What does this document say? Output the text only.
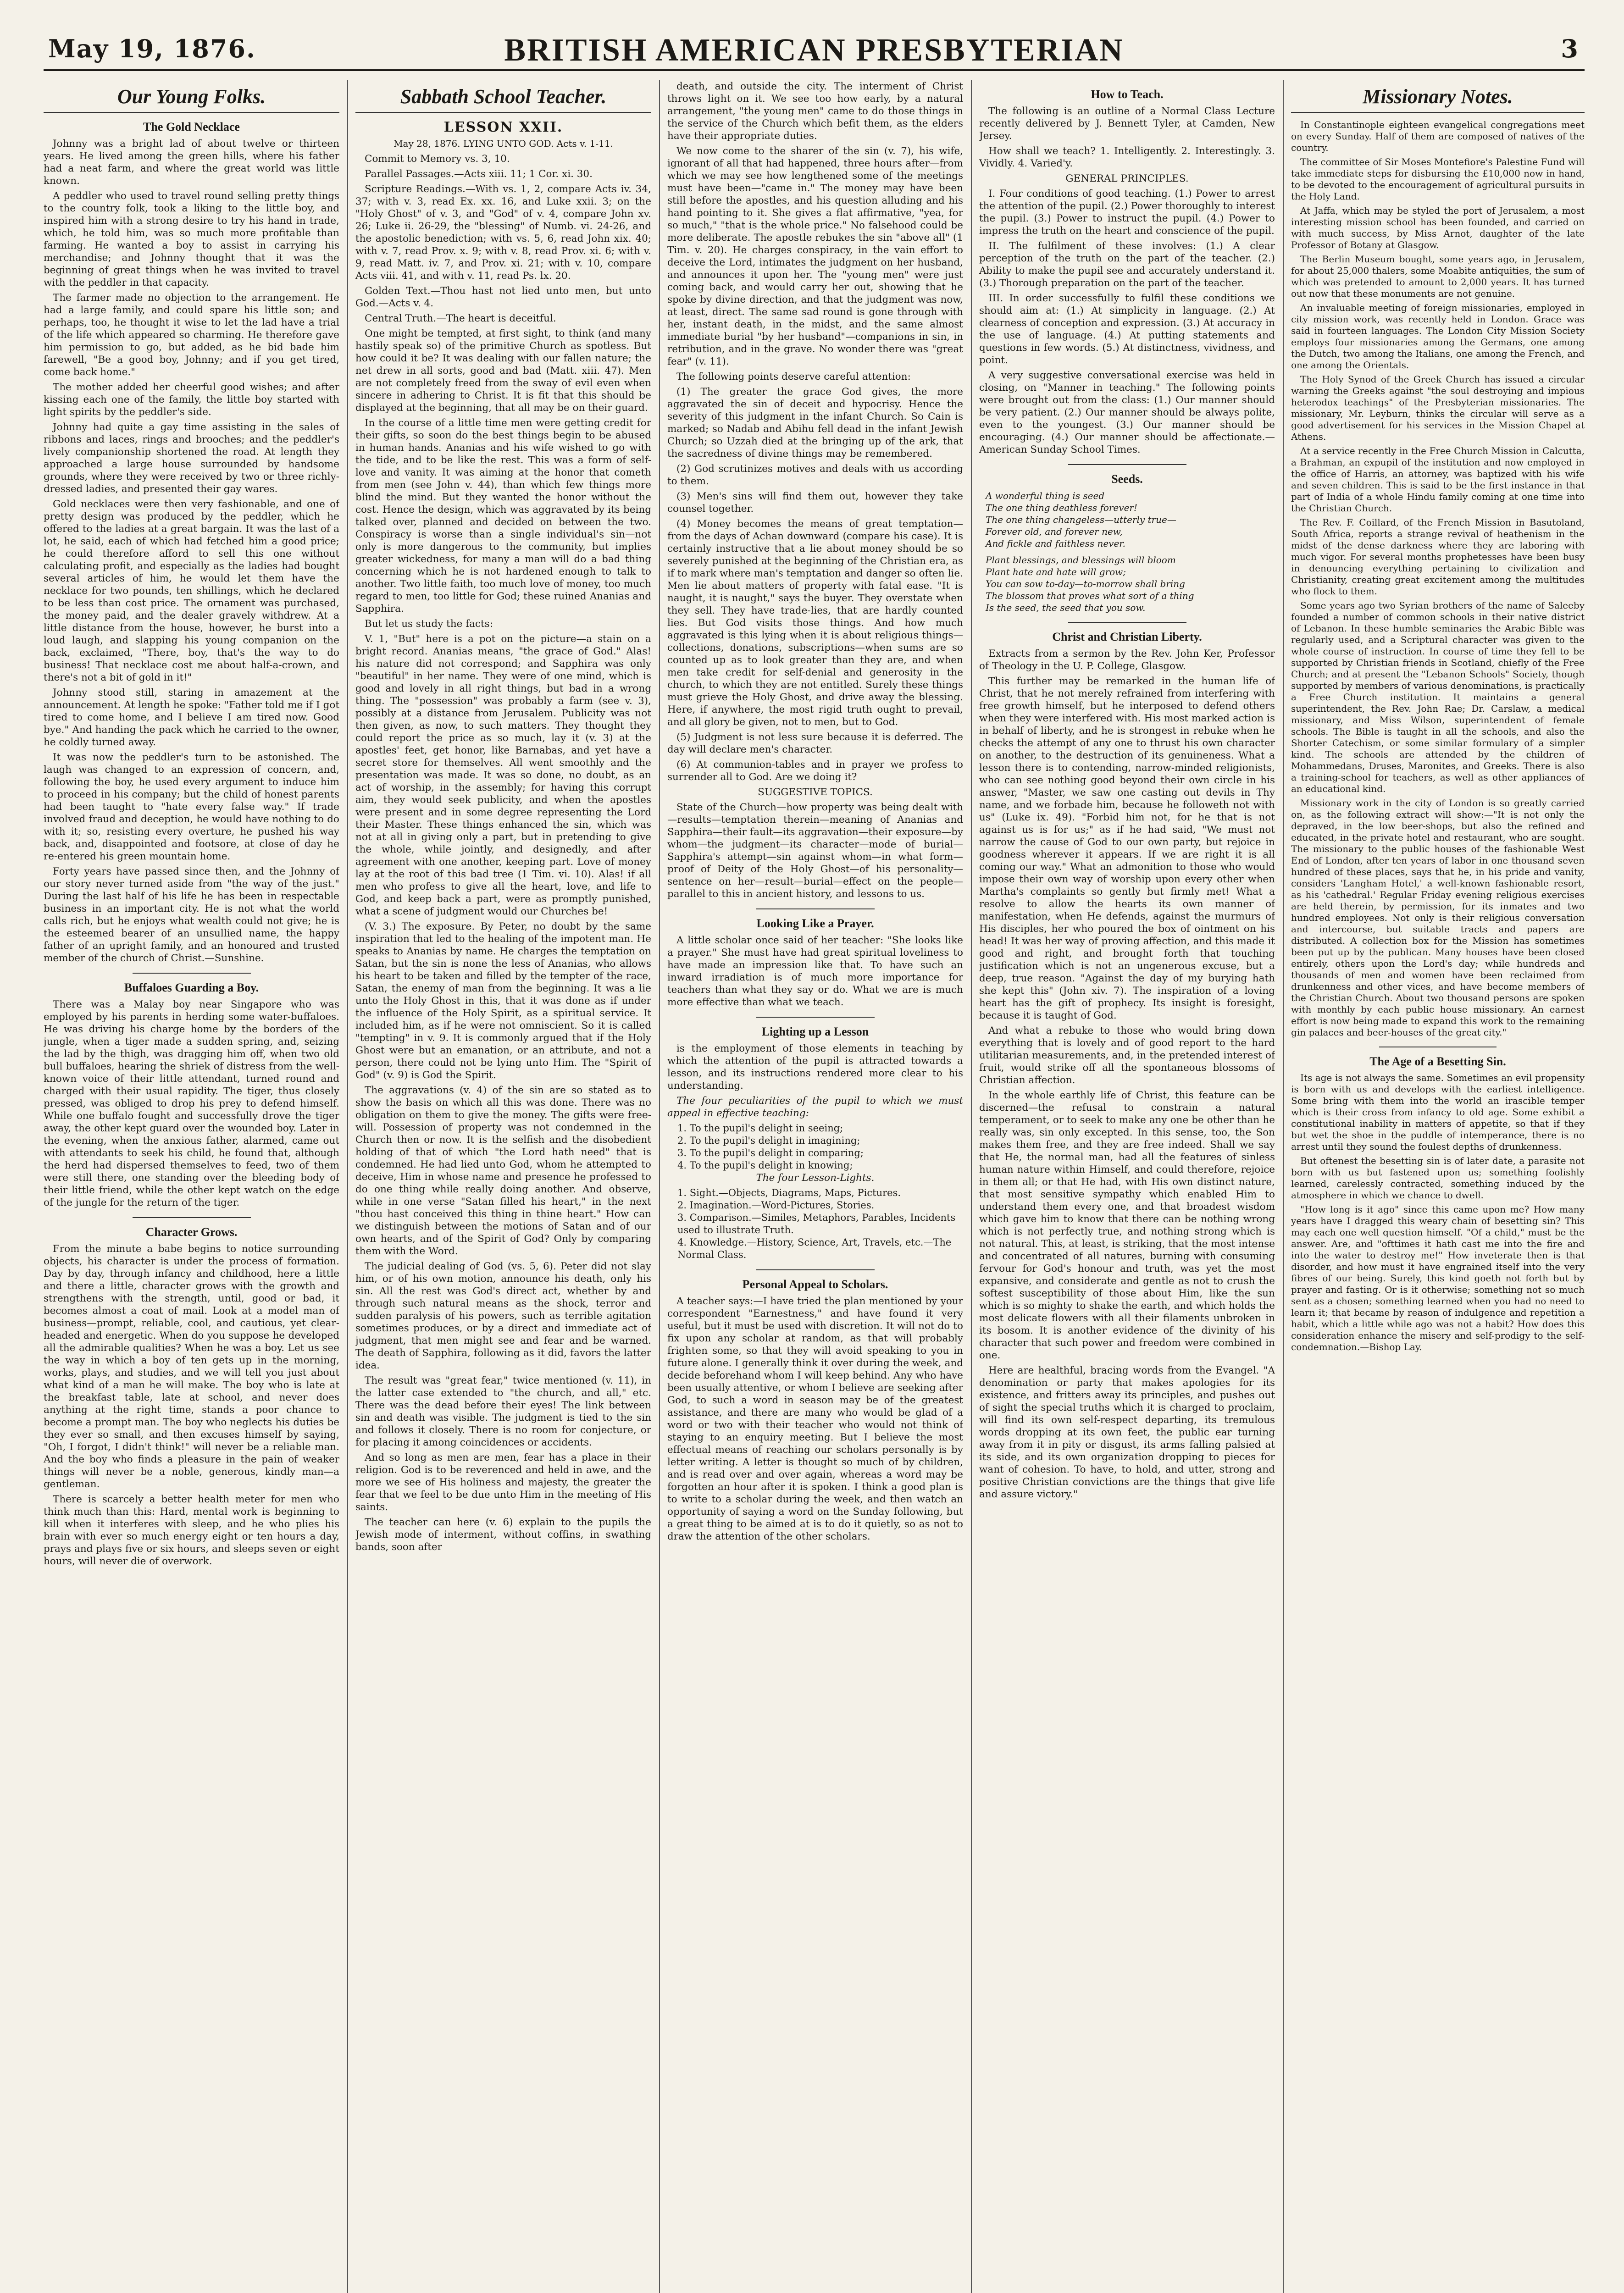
May 19, 1876.	BRITISH AMERICAN PRESBYTERIAN	3
Our Young Folks.
The Gold Necklace

Johnny was a bright lad of about twelve or thirteen years. He lived among the green hills, where his father had a neat farm, and where the great world was little known.

A peddler who used to travel round selling pretty things to the country folk, took a liking to the little boy, and inspired him with a strong desire to try his hand in trade, which, he told him, was so much more profitable than farming. He wanted a boy to assist in carrying his merchandise; and Johnny thought that it was the beginning of great things when he was invited to travel with the peddler in that capacity.

The farmer made no objection to the arrangement. He had a large family, and could spare his little son; and perhaps, too, he thought it wise to let the lad have a trial of the life which appeared so charming. He therefore gave him permission to go, but added, as he bid bade him farewell, "Be a good boy, Johnny; and if you get tired, come back home."

The mother added her cheerful good wishes; and after kissing each one of the family, the little boy started with light spirits by the peddler's side.

Johnny had quite a gay time assisting in the sales of ribbons and laces, rings and brooches; and the peddler's lively companionship shortened the road. At length they approached a large house surrounded by handsome grounds, where they were received by two or three richly-dressed ladies, and presented their gay wares.

Gold necklaces were then very fashionable, and one of pretty design was produced by the peddler, which he offered to the ladies at a great bargain. It was the last of a lot, he said, each of which had fetched him a good price; he could therefore afford to sell this one without calculating profit, and especially as the ladies had bought several articles of him, he would let them have the necklace for two pounds, ten shillings, which he declared to be less than cost price. The ornament was purchased, the money paid, and the dealer gravely withdrew. At a little distance from the house, however, he burst into a loud laugh, and slapping his young companion on the back, exclaimed, "There, boy, that's the way to do business! That necklace cost me about half-a-crown, and there's not a bit of gold in it!"

Johnny stood still, staring in amazement at the announcement. At length he spoke: "Father told me if I got tired to come home, and I believe I am tired now. Good bye." And handing the pack which he carried to the owner, he coldly turned away.

It was now the peddler's turn to be astonished. The laugh was changed to an expression of concern, and, following the boy, he used every argument to induce him to proceed in his company; but the child of honest parents had been taught to "hate every false way." If trade involved fraud and deception, he would have nothing to do with it; so, resisting every overture, he pushed his way back, and, disappointed and footsore, at close of day he re-entered his green mountain home.

Forty years have passed since then, and the Johnny of our story never turned aside from "the way of the just." During the last half of his life he has been in respectable business in an important city. He is not what the world calls rich, but he enjoys what wealth could not give; he is the esteemed bearer of an unsullied name, the happy father of an upright family, and an honoured and trusted member of the church of Christ.—Sunshine.

Buffaloes Guarding a Boy.

There was a Malay boy near Singapore who was employed by his parents in herding some water-buffaloes. He was driving his charge home by the borders of the jungle, when a tiger made a sudden spring, and, seizing the lad by the thigh, was dragging him off, when two old bull buffaloes, hearing the shriek of distress from the well-known voice of their little attendant, turned round and charged with their usual rapidity. The tiger, thus closely pressed, was obliged to drop his prey to defend himself. While one buffalo fought and successfully drove the tiger away, the other kept guard over the wounded boy. Later in the evening, when the anxious father, alarmed, came out with attendants to seek his child, he found that, although the herd had dispersed themselves to feed, two of them were still there, one standing over the bleeding body of their little friend, while the other kept watch on the edge of the jungle for the return of the tiger.

Character Grows.

From the minute a babe begins to notice surrounding objects, his character is under the process of formation. Day by day, through infancy and childhood, here a little and there a little, character grows with the growth and strengthens with the strength, until, good or bad, it becomes almost a coat of mail. Look at a model man of business—prompt, reliable, cool, and cautious, yet clear-headed and energetic. When do you suppose he developed all the admirable qualities? When he was a boy. Let us see the way in which a boy of ten gets up in the morning, works, plays, and studies, and we will tell you just about what kind of a man he will make. The boy who is late at the breakfast table, late at school, and never does anything at the right time, stands a poor chance to become a prompt man. The boy who neglects his duties be they ever so small, and then excuses himself by saying, "Oh, I forgot, I didn't think!" will never be a reliable man. And the boy who finds a pleasure in the pain of weaker things will never be a noble, generous, kindly man—a gentleman.

There is scarcely a better health meter for men who think much than this: Hard, mental work is beginning to kill when it interferes with sleep, and he who plies his brain with ever so much energy eight or ten hours a day, prays and plays five or six hours, and sleeps seven or eight hours, will never die of overwork.

Sabbath School Teacher.
LESSON XXII.
May 28, 1876. LYING UNTO GOD. Acts v. 1-11.

Commit to Memory vs. 3, 10.

Parallel Passages.—Acts xiii. 11; 1 Cor. xi. 30.

Scripture Readings.—With vs. 1, 2, compare Acts iv. 34, 37; with v. 3, read Ex. xx. 16, and Luke xxii. 3; on the "Holy Ghost" of v. 3, and "God" of v. 4, compare John xv. 26; Luke ii. 26-29, the "blessing" of Numb. vi. 24-26, and the apostolic benediction; with vs. 5, 6, read John xix. 40; with v. 7, read Prov. x. 9; with v. 8, read Prov. xi. 6; with v. 9, read Matt. iv. 7, and Prov. xi. 21; with v. 10, compare Acts viii. 41, and with v. 11, read Ps. lx. 20.

Golden Text.—Thou hast not lied unto men, but unto God.—Acts v. 4.

Central Truth.—The heart is deceitful.

One might be tempted, at first sight, to think (and many hastily speak so) of the primitive Church as spotless. But how could it be? It was dealing with our fallen nature; the net drew in all sorts, good and bad (Matt. xiii. 47). Men are not completely freed from the sway of evil even when sincere in adhering to Christ. It is fit that this should be displayed at the beginning, that all may be on their guard.

In the course of a little time men were getting credit for their gifts, so soon do the best things begin to be abused in human hands. Ananias and his wife wished to go with the tide, and to be like the rest. This was a form of self-love and vanity. It was aiming at the honor that cometh from men (see John v. 44), than which few things more blind the mind. But they wanted the honor without the cost. Hence the design, which was aggravated by its being talked over, planned and decided on between the two. Conspiracy is worse than a single individual's sin—not only is more dangerous to the community, but implies greater wickedness, for many a man will do a bad thing concerning which he is not hardened enough to talk to another. Two little faith, too much love of money, too much regard to men, too little for God; these ruined Ananias and Sapphira.

But let us study the facts:

V. 1, "But" here is a pot on the picture—a stain on a bright record. Ananias means, "the grace of God." Alas! his nature did not correspond; and Sapphira was only "beautiful" in her name. They were of one mind, which is good and lovely in all right things, but bad in a wrong thing. The "possession" was probably a farm (see v. 3), possibly at a distance from Jerusalem. Publicity was not then given, as now, to such matters. They thought they could report the price as so much, lay it (v. 3) at the apostles' feet, get honor, like Barnabas, and yet have a secret store for themselves. All went smoothly and the presentation was made. It was so done, no doubt, as an act of worship, in the assembly; for having this corrupt aim, they would seek publicity, and when the apostles were present and in some degree representing the Lord their Master. These things enhanced the sin, which was not at all in giving only a part, but in pretending to give the whole, while jointly, and designedly, and after agreement with one another, keeping part. Love of money lay at the root of this bad tree (1 Tim. vi. 10). Alas! if all men who profess to give all the heart, love, and life to God, and keep back a part, were as promptly punished, what a scene of judgment would our Churches be!

(V. 3.) The exposure. By Peter, no doubt by the same inspiration that led to the healing of the impotent man. He speaks to Ananias by name. He charges the temptation on Satan, but the sin is none the less of Ananias, who allows his heart to be taken and filled by the tempter of the race, Satan, the enemy of man from the beginning. It was a lie unto the Holy Ghost in this, that it was done as if under the influence of the Holy Spirit, as a spiritual service. It included him, as if he were not omniscient. So it is called "tempting" in v. 9. It is commonly argued that if the Holy Ghost were but an emanation, or an attribute, and not a person, there could not be lying unto Him. The "Spirit of God" (v. 9) is God the Spirit.

The aggravations (v. 4) of the sin are so stated as to show the basis on which all this was done. There was no obligation on them to give the money. The gifts were free-will. Possession of property was not condemned in the Church then or now. It is the selfish and the disobedient holding of that of which "the Lord hath need" that is condemned. He had lied unto God, whom he attempted to deceive, Him in whose name and presence he professed to do one thing while really doing another. And observe, while in one verse "Satan filled his heart," in the next "thou hast conceived this thing in thine heart." How can we distinguish between the motions of Satan and of our own hearts, and of the Spirit of God? Only by comparing them with the Word.

The judicial dealing of God (vs. 5, 6). Peter did not slay him, or of his own motion, announce his death, only his sin. All the rest was God's direct act, whether by and through such natural means as the shock, terror and sudden paralysis of his powers, such as terrible agitation sometimes produces, or by a direct and immediate act of judgment, that men might see and fear and be warned. The death of Sapphira, following as it did, favors the latter idea.

The result was "great fear," twice mentioned (v. 11), in the latter case extended to "the church, and all," etc. There was the dead before their eyes! The link between sin and death was visible. The judgment is tied to the sin and follows it closely. There is no room for conjecture, or for placing it among coincidences or accidents.

And so long as men are men, fear has a place in their religion. God is to be reverenced and held in awe, and the more we see of His holiness and majesty, the greater the fear that we feel to be due unto Him in the meeting of His saints.

The teacher can here (v. 6) explain to the pupils the Jewish mode of interment, without coffins, in swathing bands, soon after

death, and outside the city. The interment of Christ throws light on it. We see too how early, by a natural arrangement, "the young men" came to do those things in the service of the Church which befit them, as the elders have their appropriate duties.

We now come to the sharer of the sin (v. 7), his wife, ignorant of all that had happened, three hours after—from which we may see how lengthened some of the meetings must have been—"came in." The money may have been still before the apostles, and his question alluding and his hand pointing to it. She gives a flat affirmative, "yea, for so much," "that is the whole price." No falsehood could be more deliberate. The apostle rebukes the sin "above all" (1 Tim. v. 20). He charges conspiracy, in the vain effort to deceive the Lord, intimates the judgment on her husband, and announces it upon her. The "young men" were just coming back, and would carry her out, showing that he spoke by divine direction, and that the judgment was now, at least, direct. The same sad round is gone through with her, instant death, in the midst, and the same almost immediate burial "by her husband"—companions in sin, in retribution, and in the grave. No wonder there was "great fear" (v. 11).

The following points deserve careful attention:

(1) The greater the grace God gives, the more aggravated the sin of deceit and hypocrisy. Hence the severity of this judgment in the infant Church. So Cain is marked; so Nadab and Abihu fell dead in the infant Jewish Church; so Uzzah died at the bringing up of the ark, that the sacredness of divine things may be remembered.

(2) God scrutinizes motives and deals with us according to them.

(3) Men's sins will find them out, however they take counsel together.

(4) Money becomes the means of great temptation—from the days of Achan downward (compare his case). It is certainly instructive that a lie about money should be so severely punished at the beginning of the Christian era, as if to mark where man's temptation and danger so often lie. Men lie about matters of property with fatal ease. "It is naught, it is naught," says the buyer. They overstate when they sell. They have trade-lies, that are hardly counted lies. But God visits those things. And how much aggravated is this lying when it is about religious things—collections, donations, subscriptions—when sums are so counted up as to look greater than they are, and when men take credit for self-denial and generosity in the church, to which they are not entitled. Surely these things must grieve the Holy Ghost, and drive away the blessing. Here, if anywhere, the most rigid truth ought to prevail, and all glory be given, not to men, but to God.

(5) Judgment is not less sure because it is deferred. The day will declare men's character.

(6) At communion-tables and in prayer we profess to surrender all to God. Are we doing it?

SUGGESTIVE TOPICS.

State of the Church—how property was being dealt with—results—temptation therein—meaning of Ananias and Sapphira—their fault—its aggravation—their exposure—by whom—the judgment—its character—mode of burial—Sapphira's attempt—sin against whom—in what form—proof of Deity of the Holy Ghost—of his personality—sentence on her—result—burial—effect on the people—parallel to this in ancient history, and lessons to us.

Looking Like a Prayer.

A little scholar once said of her teacher: "She looks like a prayer." She must have had great spiritual loveliness to have made an impression like that. To have such an inward irradiation is of much more importance for teachers than what they say or do. What we are is much more effective than what we teach.

Lighting up a Lesson

is the employment of those elements in teaching by which the attention of the pupil is attracted towards a lesson, and its instructions rendered more clear to his understanding.

The four peculiarities of the pupil to which we must appeal in effective teaching:

1. To the pupil's delight in seeing;
2. To the pupil's delight in imagining;
3. To the pupil's delight in comparing;
4. To the pupil's delight in knowing;

The four Lesson-Lights.

1. Sight.—Objects, Diagrams, Maps, Pictures.
2. Imagination.—Word-Pictures, Stories.
3. Comparison.—Similes, Metaphors, Parables, Incidents used to illustrate Truth.
4. Knowledge.—History, Science, Art, Travels, etc.—The Normal Class.
Personal Appeal to Scholars.

A teacher says:—I have tried the plan mentioned by your correspondent "Earnestness," and have found it very useful, but it must be used with discretion. It will not do to fix upon any scholar at random, as that will probably frighten some, so that they will avoid speaking to you in future alone. I generally think it over during the week, and decide beforehand whom I will keep behind. Any who have been usually attentive, or whom I believe are seeking after God, to such a word in season may be of the greatest assistance, and there are many who would be glad of a word or two with their teacher who would not think of staying to an enquiry meeting. But I believe the most effectual means of reaching our scholars personally is by letter writing. A letter is thought so much of by children, and is read over and over again, whereas a word may be forgotten an hour after it is spoken. I think a good plan is to write to a scholar during the week, and then watch an opportunity of saying a word on the Sunday following, but a great thing to be aimed at is to do it quietly, so as not to draw the attention of the other scholars.

How to Teach.

The following is an outline of a Normal Class Lecture recently delivered by J. Bennett Tyler, at Camden, New Jersey.

How shall we teach? 1. Intelligently. 2. Interestingly. 3. Vividly. 4. Varied'y.

GENERAL PRINCIPLES.

I. Four conditions of good teaching. (1.) Power to arrest the attention of the pupil. (2.) Power thoroughly to interest the pupil. (3.) Power to instruct the pupil. (4.) Power to impress the truth on the heart and conscience of the pupil.

II. The fulfilment of these involves: (1.) A clear perception of the truth on the part of the teacher. (2.) Ability to make the pupil see and accurately understand it. (3.) Thorough preparation on the part of the teacher.

III. In order successfully to fulfil these conditions we should aim at: (1.) At simplicity in language. (2.) At clearness of conception and expression. (3.) At accuracy in the use of language. (4.) At putting statements and questions in few words. (5.) At distinctness, vividness, and point.

A very suggestive conversational exercise was held in closing, on "Manner in teaching." The following points were brought out from the class: (1.) Our manner should be very patient. (2.) Our manner should be always polite, even to the youngest. (3.) Our manner should be encouraging. (4.) Our manner should be affectionate.—American Sunday School Times.

Seeds.
A wonderful thing is seed
The one thing deathless forever!
The one thing changeless—utterly true—
Forever old, and forever new,
And fickle and faithless never.
Plant blessings, and blessings will bloom
Plant hate and hate will grow;
You can sow to-day—to-morrow shall bring
The blossom that proves what sort of a thing
Is the seed, the seed that you sow.
Christ and Christian Liberty.

Extracts from a sermon by the Rev. John Ker, Professor of Theology in the U. P. College, Glasgow.

This further may be remarked in the human life of Christ, that he not merely refrained from interfering with free growth himself, but he interposed to defend others when they were interfered with. His most marked action is in behalf of liberty, and he is strongest in rebuke when he checks the attempt of any one to thrust his own character on another, to the destruction of its genuineness. What a lesson there is to contending, narrow-minded religionists, who can see nothing good beyond their own circle in his answer, "Master, we saw one casting out devils in Thy name, and we forbade him, because he followeth not with us" (Luke ix. 49). "Forbid him not, for he that is not against us is for us;" as if he had said, "We must not narrow the cause of God to our own party, but rejoice in goodness wherever it appears. If we are right it is all coming our way." What an admonition to those who would impose their own way of worship upon every other when Martha's complaints so gently but firmly met! What a resolve to allow the hearts its own manner of manifestation, when He defends, against the murmurs of His disciples, her who poured the box of ointment on his head! It was her way of proving affection, and this made it good and right, and brought forth that touching justification which is not an ungenerous excuse, but a deep, true reason. "Against the day of my burying hath she kept this" (John xiv. 7). The inspiration of a loving heart has the gift of prophecy. Its insight is foresight, because it is taught of God.

And what a rebuke to those who would bring down everything that is lovely and of good report to the hard utilitarian measurements, and, in the pretended interest of fruit, would strike off all the spontaneous blossoms of Christian affection.

In the whole earthly life of Christ, this feature can be discerned—the refusal to constrain a natural temperament, or to seek to make any one be other than he really was, sin only excepted. In this sense, too, the Son makes them free, and they are free indeed. Shall we say that He, the normal man, had all the features of sinless human nature within Himself, and could therefore, rejoice in them all; or that He had, with His own distinct nature, that most sensitive sympathy which enabled Him to understand them every one, and that broadest wisdom which gave him to know that there can be nothing wrong which is not perfectly true, and nothing strong which is not natural. This, at least, is striking, that the most intense and concentrated of all natures, burning with consuming fervour for God's honour and truth, was yet the most expansive, and considerate and gentle as not to crush the softest susceptibility of those about Him, like the sun which is so mighty to shake the earth, and which holds the most delicate flowers with all their filaments unbroken in its bosom. It is another evidence of the divinity of his character that such power and freedom were combined in one.

Here are healthful, bracing words from the Evangel. "A denomination or party that makes apologies for its existence, and fritters away its principles, and pushes out of sight the special truths which it is charged to proclaim, will find its own self-respect departing, its tremulous words dropping at its own feet, the public ear turning away from it in pity or disgust, its arms falling palsied at its side, and its own organization dropping to pieces for want of cohesion. To have, to hold, and utter, strong and positive Christian convictions are the things that give life and assure victory."

Missionary Notes.

In Constantinople eighteen evangelical congregations meet on every Sunday. Half of them are composed of natives of the country.

The committee of Sir Moses Montefiore's Palestine Fund will take immediate steps for disbursing the £10,000 now in hand, to be devoted to the encouragement of agricultural pursuits in the Holy Land.

At Jaffa, which may be styled the port of Jerusalem, a most interesting mission school has been founded, and carried on with much success, by Miss Arnot, daughter of the late Professor of Botany at Glasgow.

The Berlin Museum bought, some years ago, in Jerusalem, for about 25,000 thalers, some Moabite antiquities, the sum of which was pretended to amount to 2,000 years. It has turned out now that these monuments are not genuine.

An invaluable meeting of foreign missionaries, employed in city mission work, was recently held in London. Grace was said in fourteen languages. The London City Mission Society employs four missionaries among the Germans, one among the Dutch, two among the Italians, one among the French, and one among the Orientals.

The Holy Synod of the Greek Church has issued a circular warning the Greeks against "the soul destroying and impious heterodox teachings" of the Presbyterian missionaries. The missionary, Mr. Leyburn, thinks the circular will serve as a good advertisement for his services in the Mission Chapel at Athens.

At a service recently in the Free Church Mission in Calcutta, a Brahman, an expupil of the institution and now employed in the office of Harris, an attorney, was baptized with his wife and seven children. This is said to be the first instance in that part of India of a whole Hindu family coming at one time into the Christian Church.

The Rev. F. Coillard, of the French Mission in Basutoland, South Africa, reports a strange revival of heathenism in the midst of the dense darkness where they are laboring with much vigor. For several months prophetesses have been busy in denouncing everything pertaining to civilization and Christianity, creating great excitement among the multitudes who flock to them.

Some years ago two Syrian brothers of the name of Saleeby founded a number of common schools in their native district of Lebanon. In these humble seminaries the Arabic Bible was regularly used, and a Scriptural character was given to the whole course of instruction. In course of time they fell to be supported by Christian friends in Scotland, chiefly of the Free Church; and at present the "Lebanon Schools" Society, though supported by members of various denominations, is practically a Free Church institution. It maintains a general superintendent, the Rev. John Rae; Dr. Carslaw, a medical missionary, and Miss Wilson, superintendent of female schools. The Bible is taught in all the schools, and also the Shorter Catechism, or some similar formulary of a simpler kind. The schools are attended by the children of Mohammedans, Druses, Maronites, and Greeks. There is also a training-school for teachers, as well as other appliances of an educational kind.

Missionary work in the city of London is so greatly carried on, as the following extract will show:—"It is not only the depraved, in the low beer-shops, but also the refined and educated, in the private hotel and restaurant, who are sought. The missionary to the public houses of the fashionable West End of London, after ten years of labor in one thousand seven hundred of these places, says that he, in his pride and vanity, considers 'Langham Hotel,' a well-known fashionable resort, as his 'cathedral.' Regular Friday evening religious exercises are held therein, by permission, for its inmates and two hundred employees. Not only is their religious conversation and intercourse, but suitable tracts and papers are distributed. A collection box for the Mission has sometimes been put up by the publican. Many houses have been closed entirely, others upon the Lord's day; while hundreds and thousands of men and women have been reclaimed from drunkenness and other vices, and have become members of the Christian Church. About two thousand persons are spoken with monthly by each public house missionary. An earnest effort is now being made to expand this work to the remaining gin palaces and beer-houses of the great city."

The Age of a Besetting Sin.

Its age is not always the same. Sometimes an evil propensity is born with us and develops with the earliest intelligence. Some bring with them into the world an irascible temper which is their cross from infancy to old age. Some exhibit a constitutional inability in matters of appetite, so that if they but wet the shoe in the puddle of intemperance, there is no arrest until they sound the foulest depths of drunkenness.

But oftenest the besetting sin is of later date, a parasite not born with us but fastened upon us; something foolishly learned, carelessly contracted, something induced by the atmosphere in which we chance to dwell.

"How long is it ago" since this came upon me? How many years have I dragged this weary chain of besetting sin? This may each one well question himself. "Of a child," must be the answer. Are, and "ofttimes it hath cast me into the fire and into the water to destroy me!" How inveterate then is that disorder, and how must it have engrained itself into the very fibres of our being. Surely, this kind goeth not forth but by prayer and fasting. Or is it otherwise; something not so much sent as a chosen; something learned when you had no need to learn it; that became by reason of indulgence and repetition a habit, which a little while ago was not a habit? How does this consideration enhance the misery and self-prodigy to the self-condemnation.—Bishop Lay.
